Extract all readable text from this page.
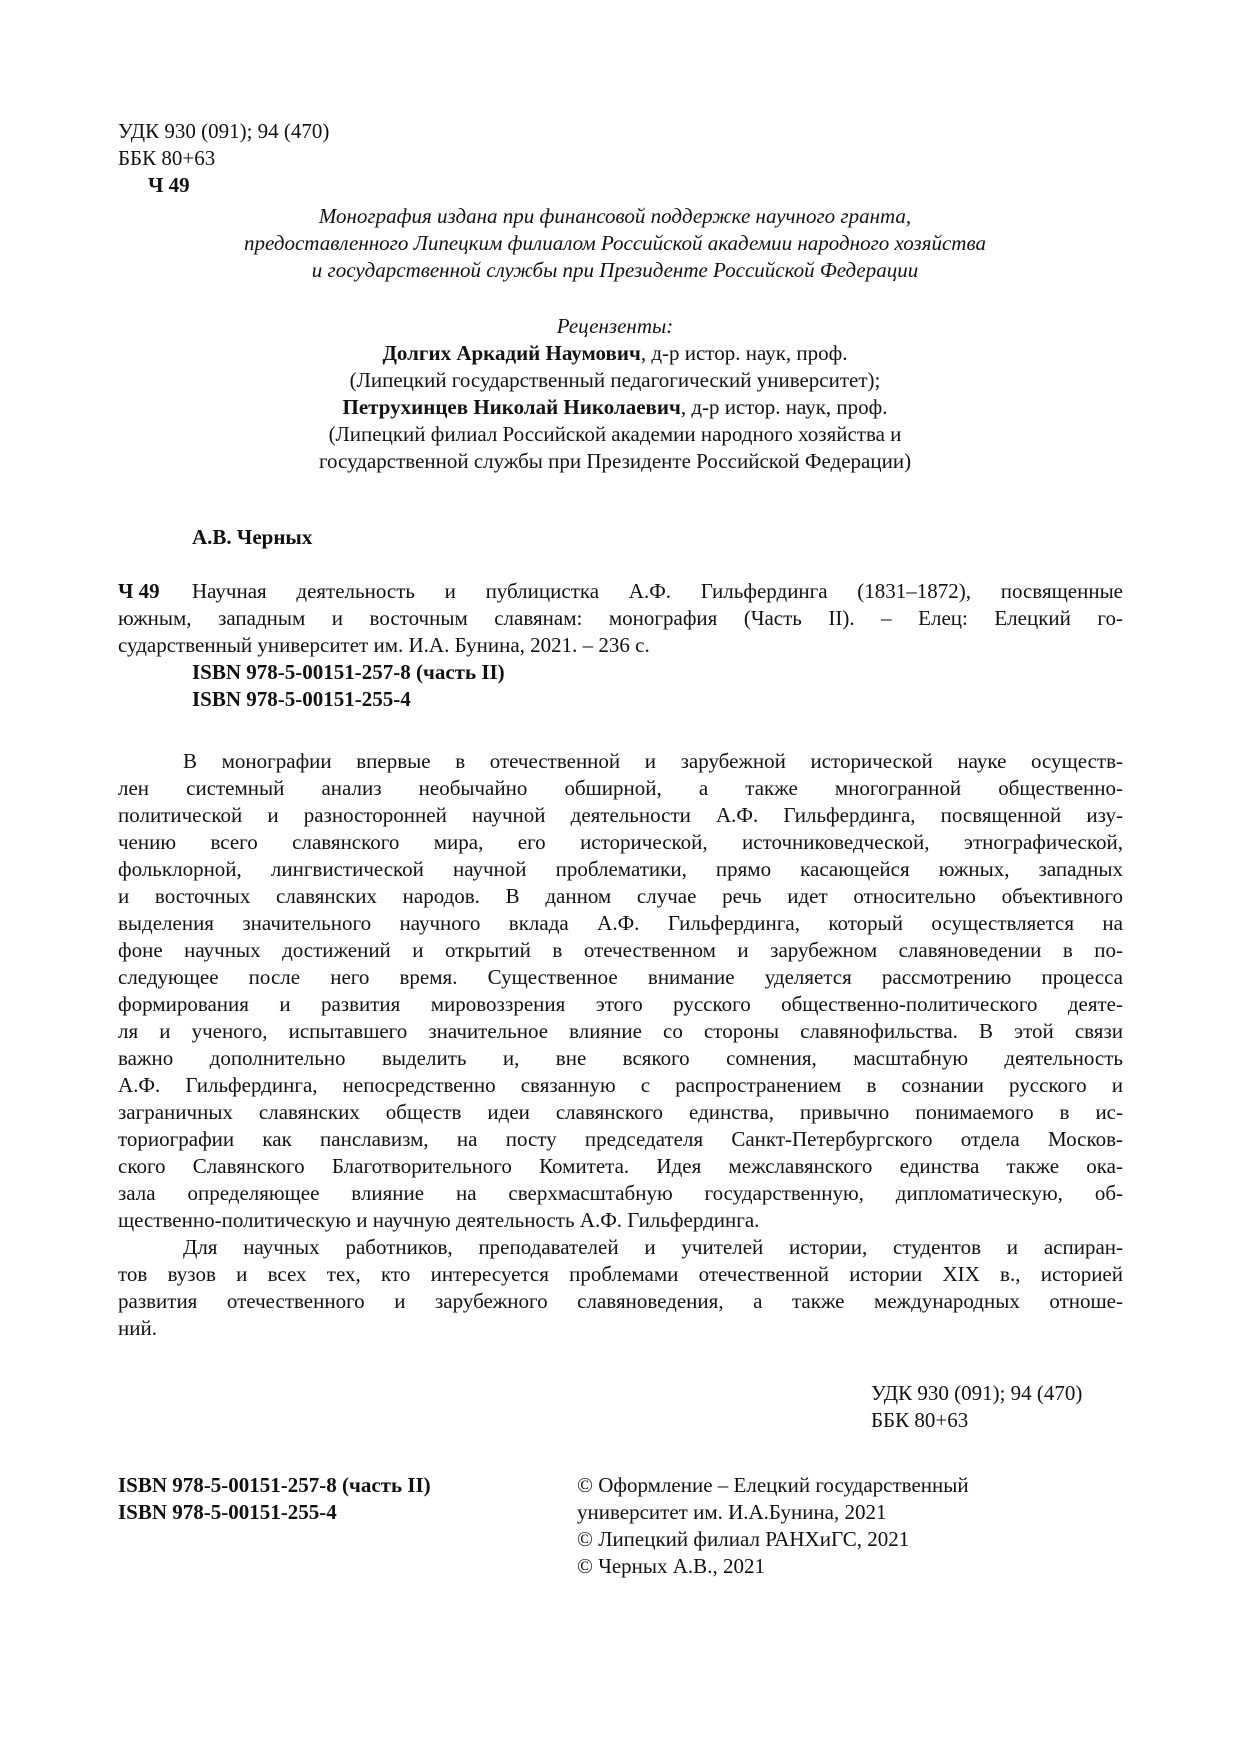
УДК 930 (091); 94 (470)
ББК 80+63
Ч 49
Монография издана при финансовой поддержке научного гранта,
предоставленного Липецким филиалом Российской академии народного хозяйства
и государственной службы при Президенте Российской Федерации
Рецензенты:
Долгих Аркадий Наумович, д-р истор. наук, проф.
(Липецкий государственный педагогический университет);
Петрухинцев Николай Николаевич, д-р истор. наук, проф.
(Липецкий филиал Российской академии народного хозяйства и
государственной службы при Президенте Российской Федерации)
А.В. Черных
Ч 49 Научная деятельность и публицистка А.Ф. Гильфердинга (1831–1872), посвященные
южным, западным и восточным славянам: монография (Часть II). – Елец: Елецкий го-
сударственный университет им. И.А. Бунина, 2021. – 236 с.
ISBN 978-5-00151-257-8 (часть II)
ISBN 978-5-00151-255-4
В монографии впервые в отечественной и зарубежной исторической науке осуществ-
лен системный анализ необычайно обширной, а также многогранной общественно-
политической и разносторонней научной деятельности А.Ф. Гильфердинга, посвященной изу-
чению всего славянского мира, его исторической, источниковедческой, этнографической,
фольклорной, лингвистической научной проблематики, прямо касающейся южных, западных
и восточных славянских народов. В данном случае речь идет относительно объективного
выделения значительного научного вклада А.Ф. Гильфердинга, который осуществляется на
фоне научных достижений и открытий в отечественном и зарубежном славяноведении в по-
следующее после него время. Существенное внимание уделяется рассмотрению процесса
формирования и развития мировоззрения этого русского общественно-политического деяте-
ля и ученого, испытавшего значительное влияние со стороны славянофильства. В этой связи
важно дополнительно выделить и, вне всякого сомнения, масштабную деятельность
А.Ф. Гильфердинга, непосредственно связанную с распространением в сознании русского и
заграничных славянских обществ идеи славянского единства, привычно понимаемого в ис-
ториографии как панславизм, на посту председателя Санкт-Петербургского отдела Москов-
ского Славянского Благотворительного Комитета. Идея межславянского единства также ока-
зала определяющее влияние на сверхмасштабную государственную, дипломатическую, об-
щественно-политическую и научную деятельность А.Ф. Гильфердинга.
Для научных работников, преподавателей и учителей истории, студентов и аспиран-
тов вузов и всех тех, кто интересуется проблемами отечественной истории XIX в., историей
развития отечественного и зарубежного славяноведения, а также международных отноше-
ний.
УДК 930 (091); 94 (470)
ББК 80+63
ISBN 978-5-00151-257-8 (часть II)
ISBN 978-5-00151-255-4
© Оформление – Елецкий государственный
университет им. И.А.Бунина, 2021
© Липецкий филиал РАНХиГС, 2021
© Черных А.В., 2021
